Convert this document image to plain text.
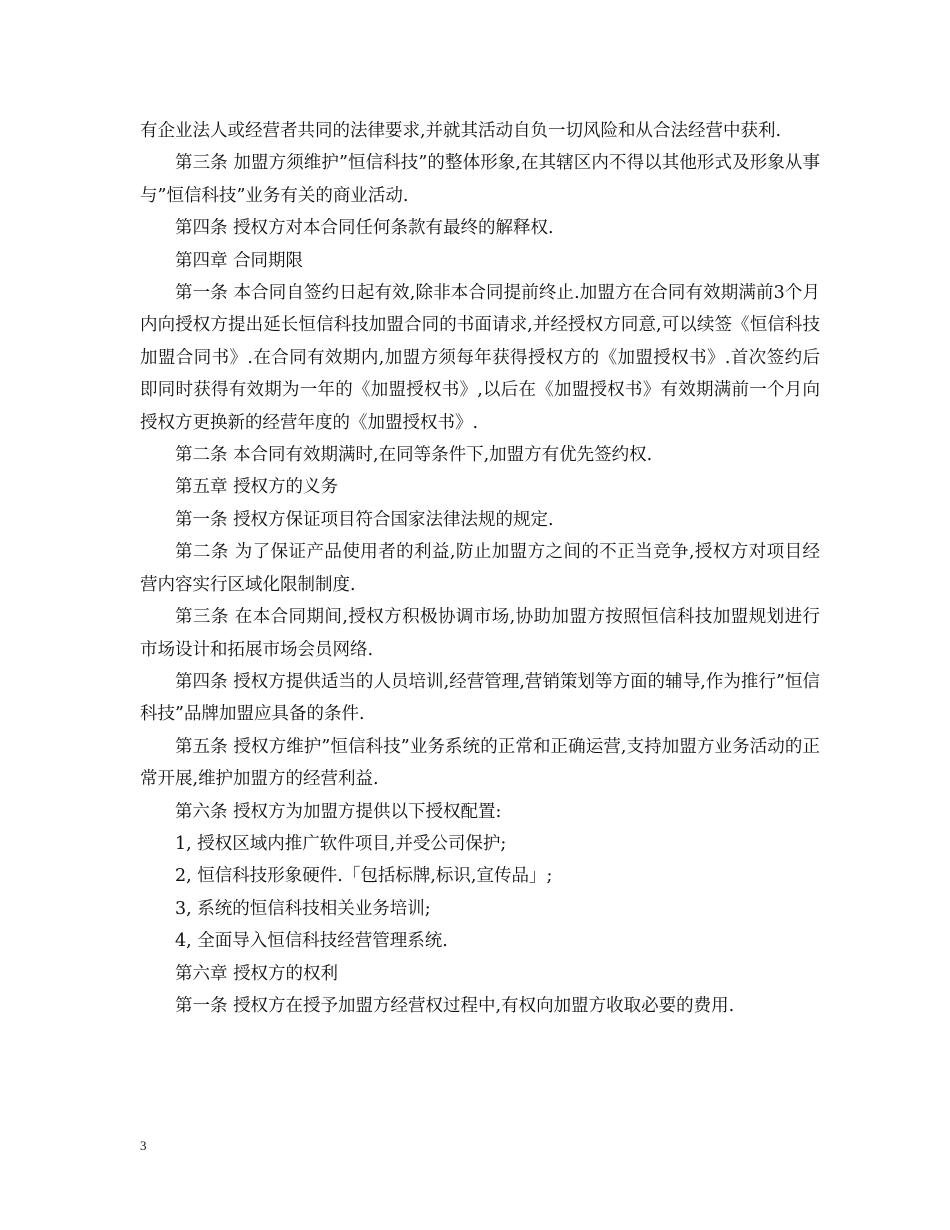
有企业法人或经营者共同的法律要求,并就其活动自负一切风险和从合法经营中获利.

第三条 加盟方须维护”恒信科技”的整体形象,在其辖区内不得以其他形式及形象从事与”恒信科技”业务有关的商业活动.

第四条 授权方对本合同任何条款有最终的解释权.

第四章 合同期限

第一条 本合同自签约日起有效,除非本合同提前终止.加盟方在合同有效期满前3个月内向授权方提出延长恒信科技加盟合同的书面请求,并经授权方同意,可以续签《恒信科技加盟合同书》.在合同有效期内,加盟方须每年获得授权方的《加盟授权书》.首次签约后即同时获得有效期为一年的《加盟授权书》,以后在《加盟授权书》有效期满前一个月向授权方更换新的经营年度的《加盟授权书》.

第二条 本合同有效期满时,在同等条件下,加盟方有优先签约权.

第五章 授权方的义务

第一条 授权方保证项目符合国家法律法规的规定.

第二条 为了保证产品使用者的利益,防止加盟方之间的不正当竞争,授权方对项目经营内容实行区域化限制制度.

第三条 在本合同期间,授权方积极协调市场,协助加盟方按照恒信科技加盟规划进行市场设计和拓展市场会员网络.

第四条 授权方提供适当的人员培训,经营管理,营销策划等方面的辅导,作为推行”恒信科技”品牌加盟应具备的条件.

第五条 授权方维护”恒信科技”业务系统的正常和正确运营,支持加盟方业务活动的正常开展,维护加盟方的经营利益.

第六条 授权方为加盟方提供以下授权配置:

1, 授权区域内推广软件项目,并受公司保护;

2, 恒信科技形象硬件.「包括标牌,标识,宣传品」;

3, 系统的恒信科技相关业务培训;

4, 全面导入恒信科技经营管理系统.

第六章 授权方的权利

第一条 授权方在授予加盟方经营权过程中,有权向加盟方收取必要的费用.

3
